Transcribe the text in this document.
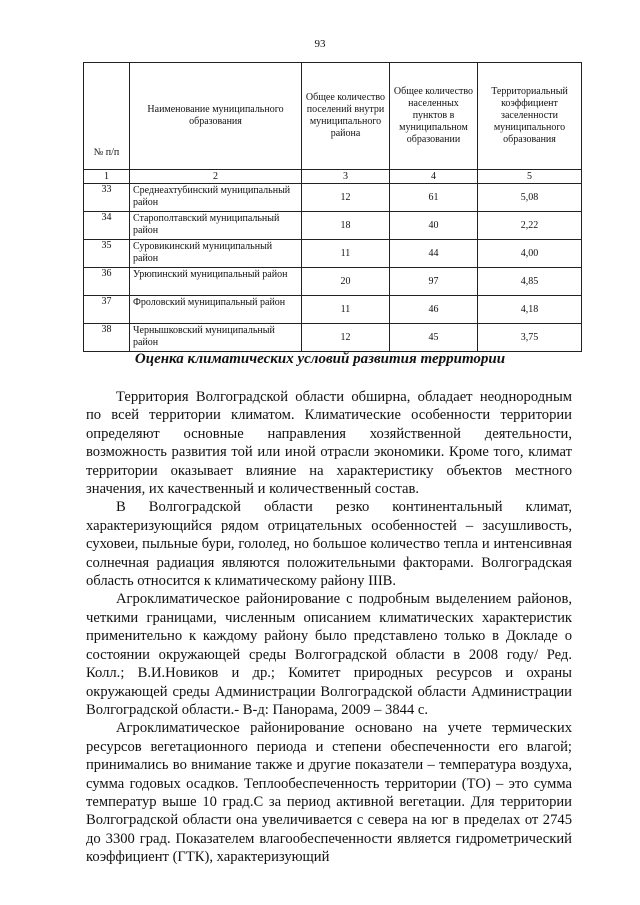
93
№ п/п	Наименование муниципального образования	Общее количество поселений внутри муниципального района	Общее количество населенных пунктов в муниципальном образовании	Территориальный коэффициент заселенности муниципального образования
1	2	3	4	5
33	Среднеахтубинский муниципальный район	12	61	5,08
34	Старополтавский муниципальный район	18	40	2,22
35	Суровикинский муниципальный район	11	44	4,00
36	Урюпинский муниципальный район	20	97	4,85
37	Фроловский муниципальный район	11	46	4,18
38	Чернышковский муниципальный район	12	45	3,75
Оценка климатических условий развития территории

Территория Волгоградской области обширна, обладает неоднородным по всей территории климатом. Климатические особенности территории определяют основные направления хозяйственной деятельности, возможность развития той или иной отрасли экономики. Кроме того, климат территории оказывает влияние на характеристику объектов местного значения, их качественный и количественный состав.

В Волгоградской области резко континентальный климат, характеризующийся рядом отрицательных особенностей – засушливость, суховеи, пыльные бури, гололед, но большое количество тепла и интенсивная солнечная радиация являются положительными факторами. Волгоградская область относится к климатическому району IIIВ.

Агроклиматическое районирование с подробным выделением районов, четкими границами, численным описанием климатических характеристик применительно к каждому району было представлено только в Докладе о состоянии окружающей среды Волгоградской области в 2008 году/ Ред. Колл.; В.И.Новиков и др.; Комитет природных ресурсов и охраны окружающей среды Администрации Волгоградской области Администрации Волгоградской области.- В-д: Панорама, 2009 – 3844 с.

Агроклиматическое районирование основано на учете термических ресурсов вегетационного периода и степени обеспеченности его влагой; принимались во внимание также и другие показатели – температура воздуха, сумма годовых осадков. Теплообеспеченность территории (ТО) – это сумма температур выше 10 град.С за период активной вегетации. Для территории Волгоградской области она увеличивается с севера на юг в пределах от 2745 до 3300 град. Показателем влагообеспеченности является гидрометрический коэффициент (ГТК), характеризующий
